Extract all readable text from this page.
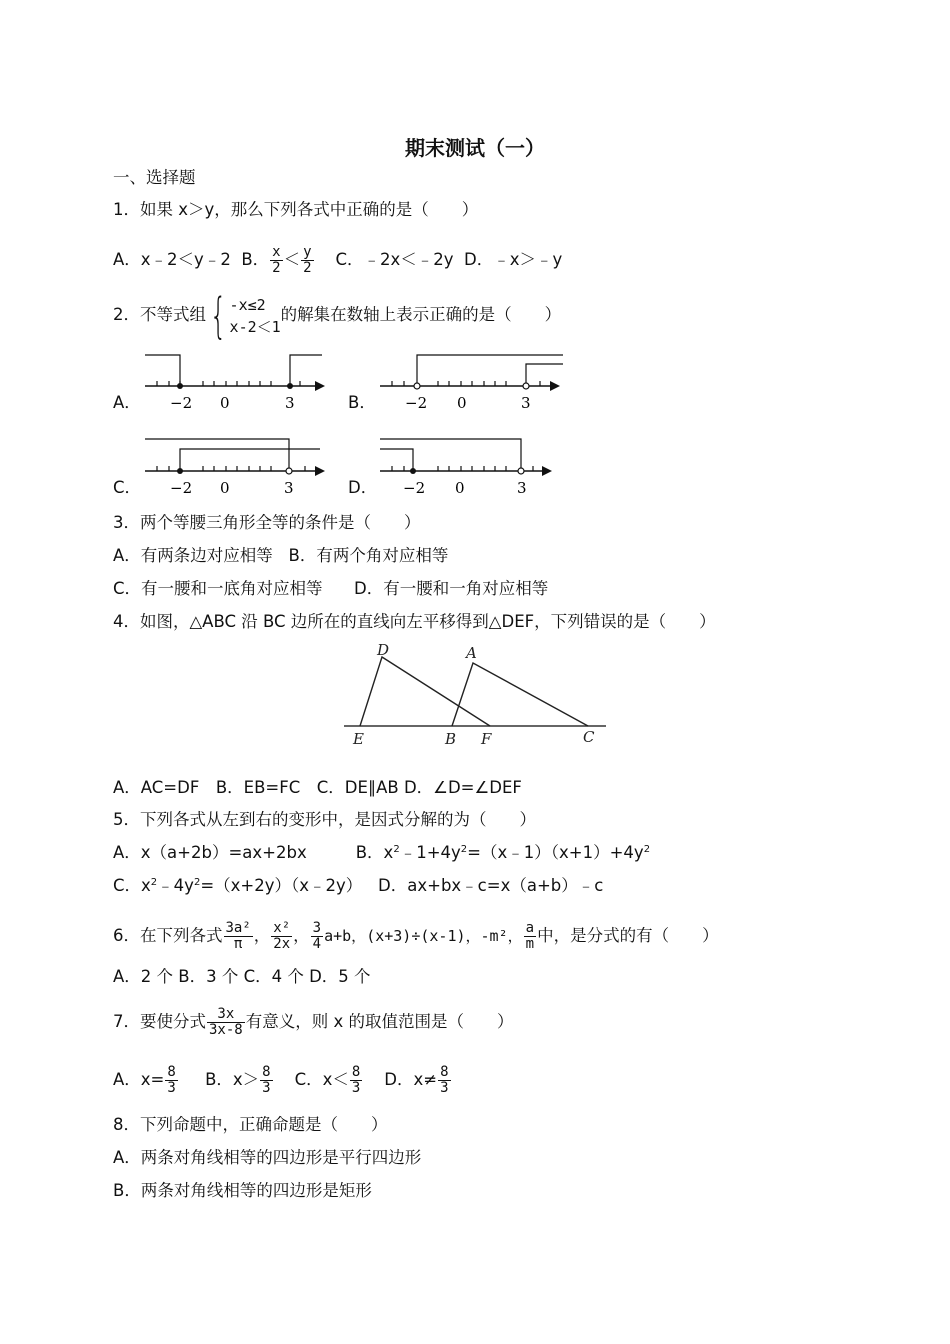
期末测试（一）
一、选择题
1．如果 x＞y，那么下列各式中正确的是（　　）
A．x﹣2＜y﹣2 B． $\frac{x}{2} < \frac{y}{2}$ C．﹣2x＜﹣2y D．﹣x＞﹣y
2．不等式组{ -x≤2
x-2＜1
的解集在数轴上表示正确的是（　　）
A．	B．
C．	D．
−2 0	3	−2 0	3
−2 0	3	−2 0	3
3．两个等腰三角形全等的条件是（　　）
A．有两条边对应相等 B．有两个角对应相等
C．有一腰和一底角对应相等 D．有一腰和一角对应相等
4．如图，△ABC 沿 BC 边所在的直线向左平移得到△DEF，下列错误的是（　　）
D	A
E	B F	C
A．AC=DF　B．EB=FC　C．DE∥AB D．∠D=∠DEF
5．下列各式从左到右的变形中，是因式分解的为（　　）
A．x（a+2b）=ax+2bx	B．$x^2﹣1+4y^2=(x﹣1)(x+1)+4y^2$
C．$x^2﹣4y^2=(x+2y)(x﹣2y)$ D．ax+bx﹣c=x（a+b）﹣c
6．在下列各式 $\frac{\text{3a²}}{\pi}$ ， $\frac{\text{x²}}{2x}$ ， $\frac{3}{4} a+b$，(x+3)÷(x-1)，-m²， $\frac{a}{m}$ 中，是分式的有（　　）
A．2 个 B．3 个 C．4 个 D．5 个
7．要使分式 $\frac{3x}{3x-8}$ 有意义，则 x 的取值范围是（　　）
A．$x= \frac{8}{3}$ B．$x> \frac{8}{3}$ C．$x< \frac{8}{3}$ D．$x\ne \frac{8}{3}$
8．下列命题中，正确命题是（　　）
A．两条对角线相等的四边形是平行四边形
B．两条对角线相等的四边形是矩形
